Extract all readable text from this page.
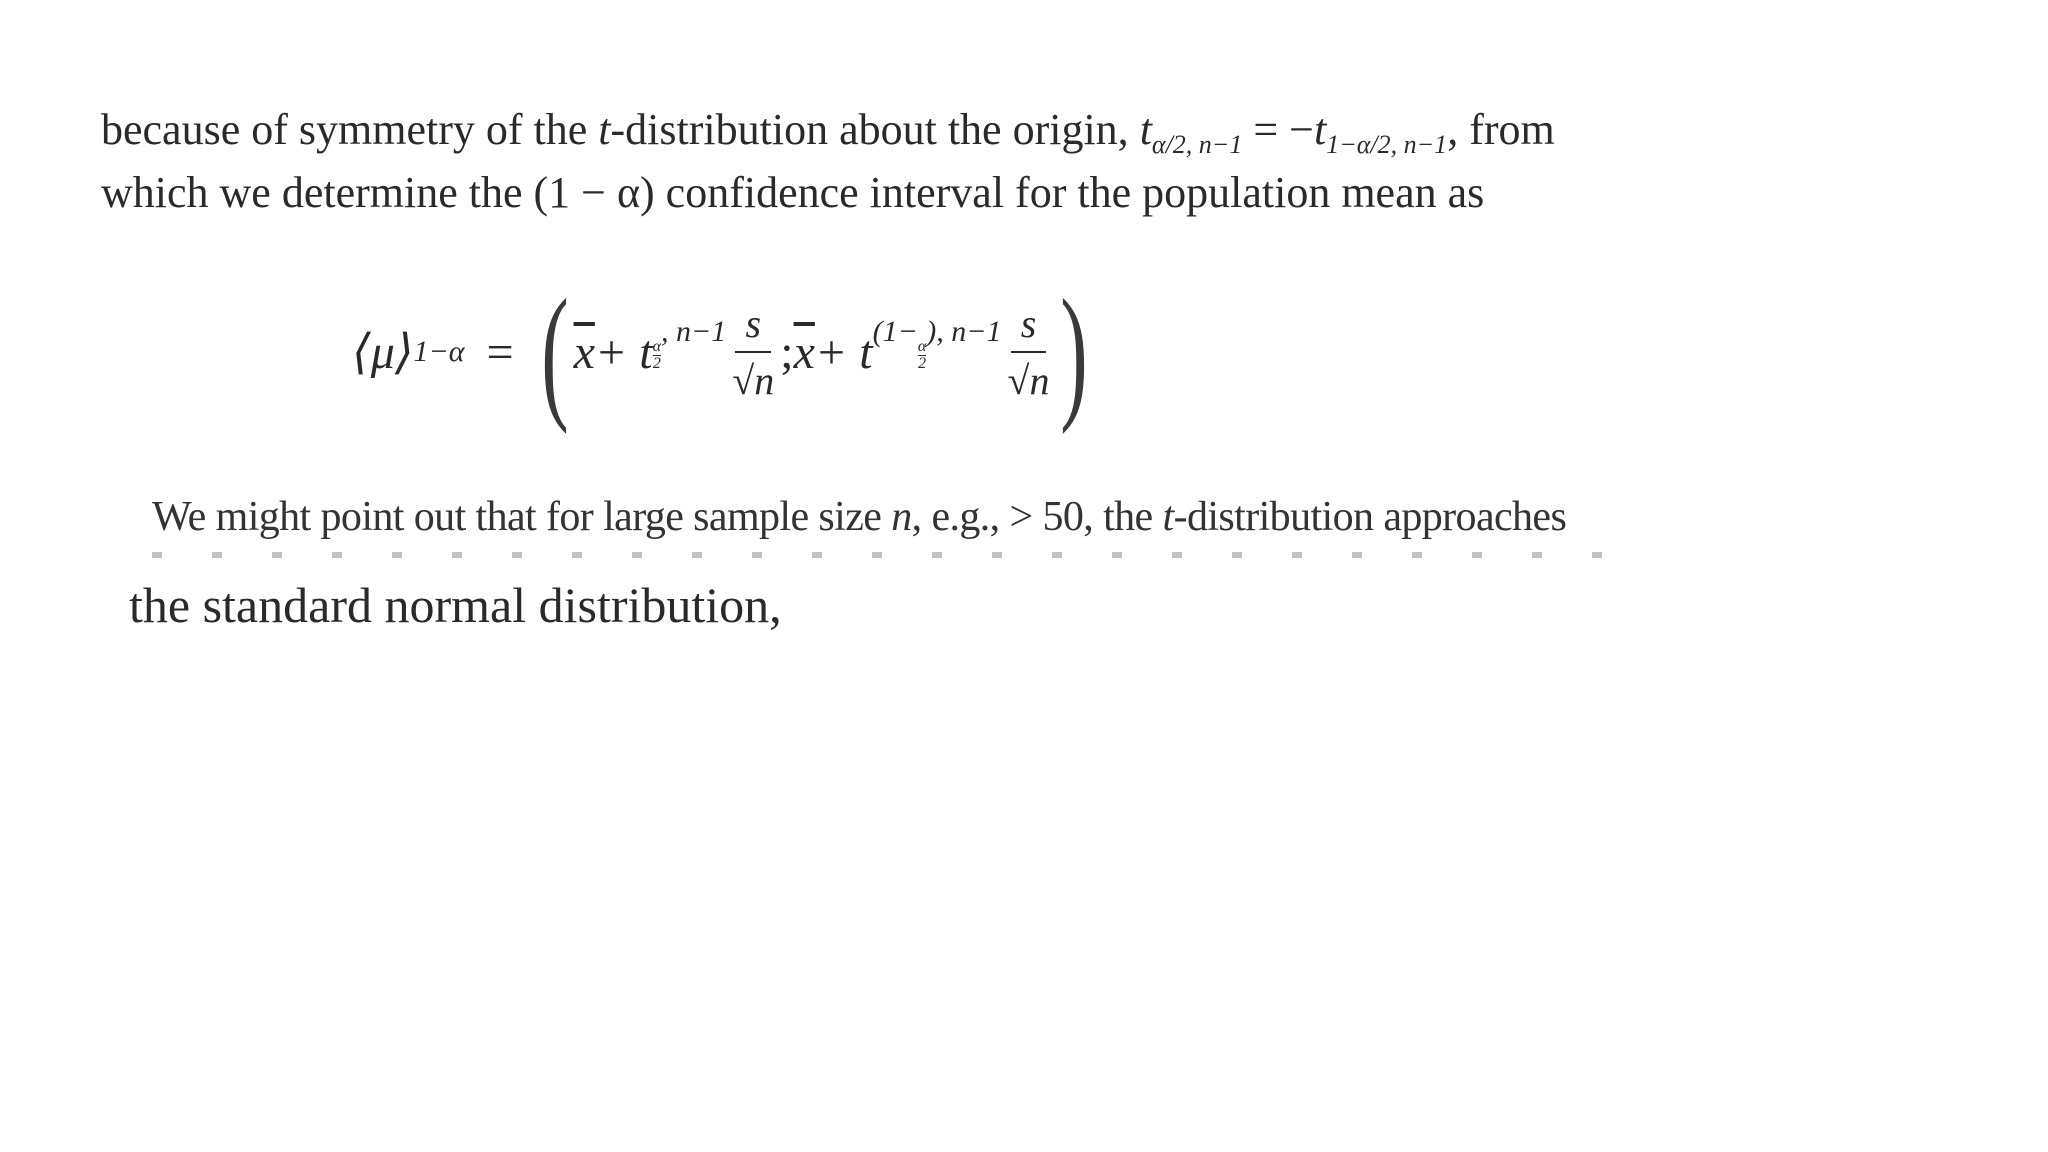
because of symmetry of the t-distribution about the origin, $t_{\alpha/2, n-1} = -t_{1-\alpha/2, n-1}$, from
which we determine the (1 − α) confidence interval for the population mean as
⟨μ⟩ 1−α = ( $\overline{x} + t \frac{\alpha}{2}$
, $n-1 \frac{s}{√n}$ ; $\overline{x} + t$ (1−
$\frac{\alpha}{2}$
), $n-1 \frac{s}{√n}$ )
We might point out that for large sample size n, e.g., > 50, the t-distribution approaches
the standard normal distribution,
